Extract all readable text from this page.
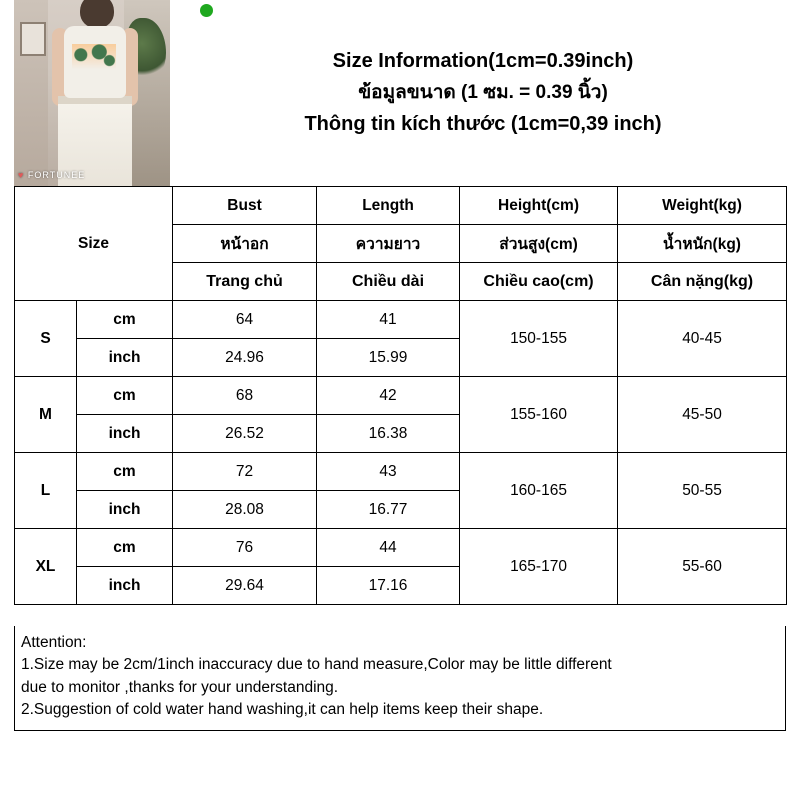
♥ FORTUNEE
Size Information(1cm=0.39inch)
ข้อมูลขนาด (1 ซม. = 0.39 นิ้ว)
Thông tin kích thước (1cm=0,39 inch)
Size		Bust	Length	Height(cm)	Weight(kg)
		หน้าอก	ความยาว	ส่วนสูง(cm)	น้ำหนัก(kg)
		Trang chủ	Chiều dài	Chiều cao(cm)	Cân nặng(kg)
S	cm	64	41	150-155	40-45
	inch	24.96	15.99		
M	cm	68	42	155-160	45-50
	inch	26.52	16.38		
L	cm	72	43	160-165	50-55
	inch	28.08	16.77		
XL	cm	76	44	165-170	55-60
	inch	29.64	17.16		

Attention:

1.Size may be 2cm/1inch inaccuracy due to hand measure,Color may be little different

due to monitor ,thanks for your understanding.

2.Suggestion of cold water hand washing,it can help items keep their shape.
